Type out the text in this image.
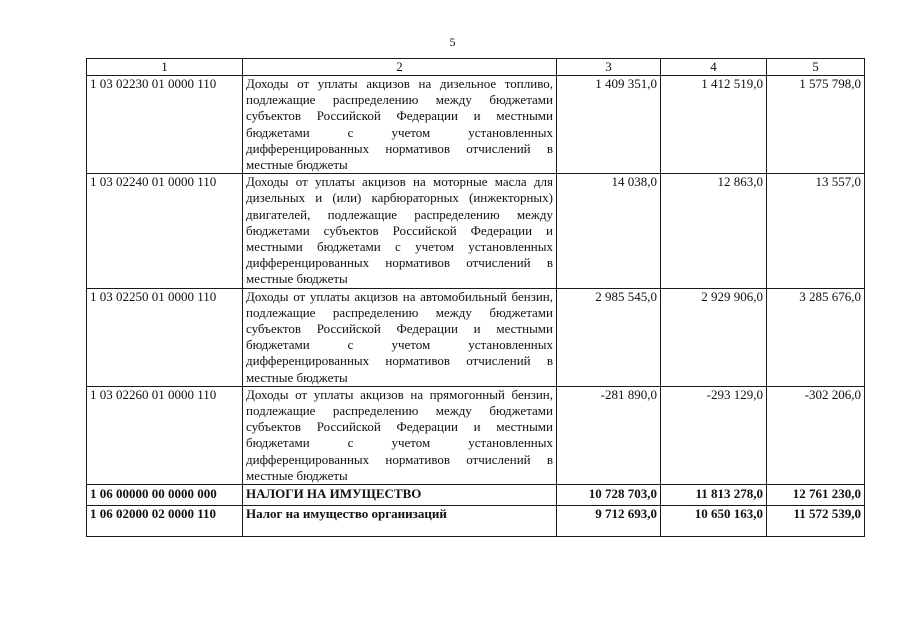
5
1	2	3	4	5
1 03 02230 01 0000 110	Доходы от уплаты акцизов на дизельное топливо, подлежащие распределению между бюджетами субъектов Российской Федерации и местными бюджетами с учетом установленных дифференцированных нормативов отчислений в местные бюджеты	1 409 351,0	1 412 519,0	1 575 798,0
1 03 02240 01 0000 110	Доходы от уплаты акцизов на моторные масла для дизельных и (или) карбюраторных (инжекторных) двигателей, подлежащие распределению между бюджетами субъектов Российской Федерации и местными бюджетами с учетом установленных дифференцированных нормативов отчислений в местные бюджеты	14 038,0	12 863,0	13 557,0
1 03 02250 01 0000 110	Доходы от уплаты акцизов на автомобильный бензин, подлежащие распределению между бюджетами субъектов Российской Федерации и местными бюджетами с учетом установленных дифференцированных нормативов отчислений в местные бюджеты	2 985 545,0	2 929 906,0	3 285 676,0
1 03 02260 01 0000 110	Доходы от уплаты акцизов на прямогонный бензин, подлежащие распределению между бюджетами субъектов Российской Федерации и местными бюджетами с учетом установленных дифференцированных нормативов отчислений в местные бюджеты	-281 890,0	-293 129,0	-302 206,0
1 06 00000 00 0000 000	НАЛОГИ НА ИМУЩЕСТВО	10 728 703,0	11 813 278,0	12 761 230,0
1 06 02000 02 0000 110	Налог на имущество организаций	9 712 693,0	10 650 163,0	11 572 539,0
